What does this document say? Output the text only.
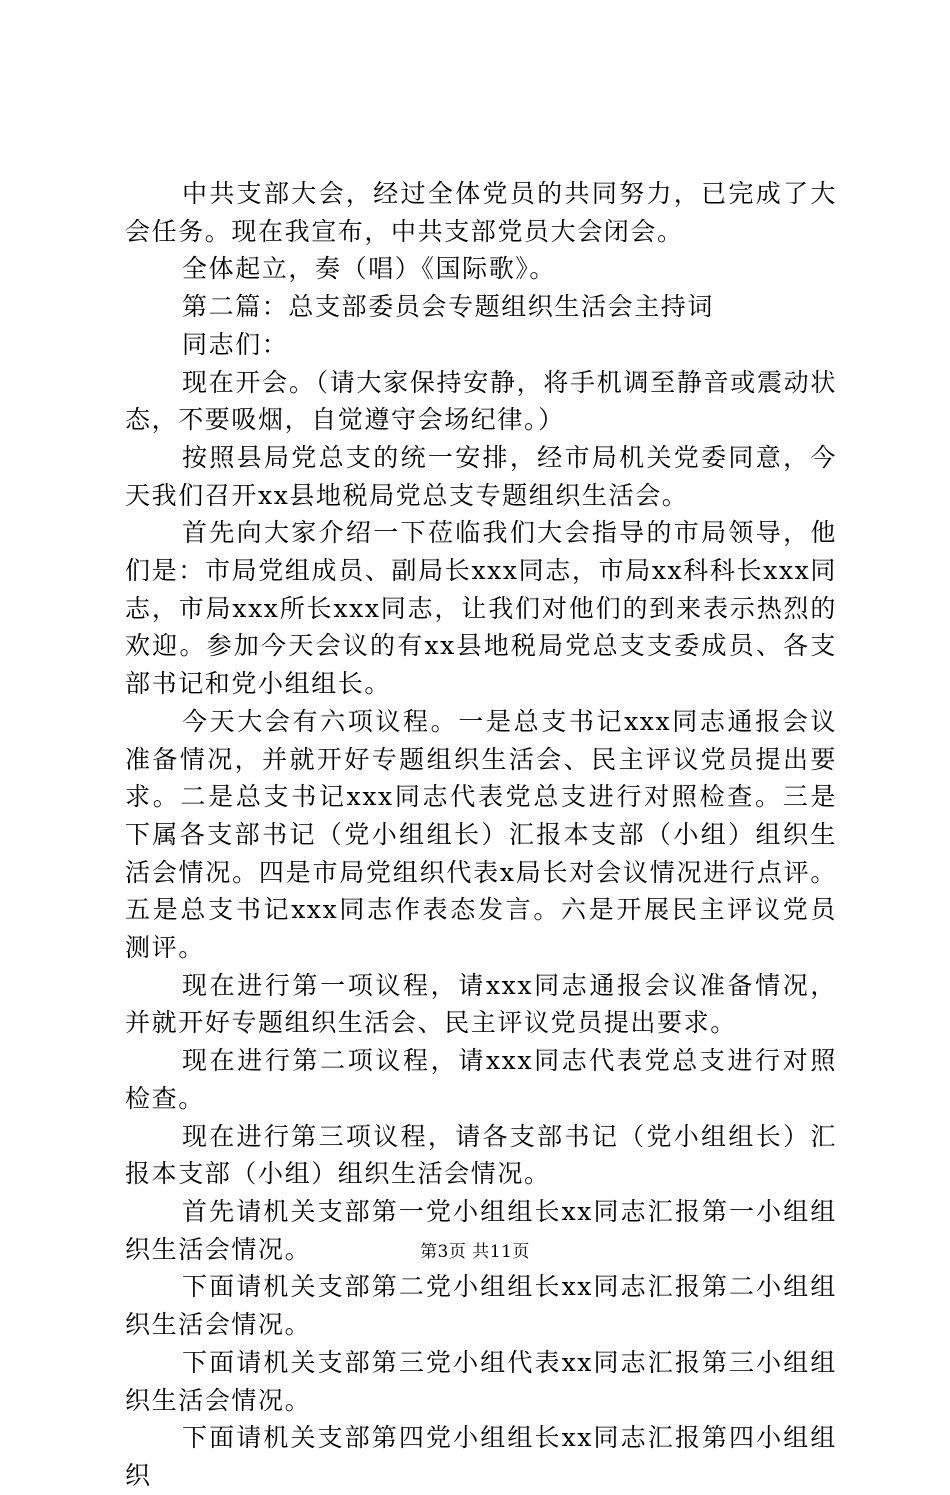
中共支部大会，经过全体党员的共同努力，已完成了大会任务。现在我宣布，中共支部党员大会闭会。

全体起立，奏（唱）《国际歌》。

第二篇：总支部委员会专题组织生活会主持词

同志们：

现在开会。（请大家保持安静，将手机调至静音或震动状态，不要吸烟，自觉遵守会场纪律。）

按照县局党总支的统一安排，经市局机关党委同意，今天我们召开xx县地税局党总支专题组织生活会。

首先向大家介绍一下莅临我们大会指导的市局领导，他们是：市局党组成员、副局长xxx同志，市局xx科科长xxx同志，市局xxx所长xxx同志，让我们对他们的到来表示热烈的欢迎。参加今天会议的有xx县地税局党总支支委成员、各支部书记和党小组组长。

今天大会有六项议程。一是总支书记xxx同志通报会议准备情况，并就开好专题组织生活会、民主评议党员提出要求。二是总支书记xxx同志代表党总支进行对照检查。三是下属各支部书记（党小组组长）汇报本支部（小组）组织生活会情况。四是市局党组织代表x局长对会议情况进行点评。五是总支书记xxx同志作表态发言。六是开展民主评议党员测评。

现在进行第一项议程，请xxx同志通报会议准备情况，并就开好专题组织生活会、民主评议党员提出要求。

现在进行第二项议程，请xxx同志代表党总支进行对照检查。

现在进行第三项议程，请各支部书记（党小组组长）汇报本支部（小组）组织生活会情况。

首先请机关支部第一党小组组长xx同志汇报第一小组组织生活会情况。

下面请机关支部第二党小组组长xx同志汇报第二小组组织生活会情况。

下面请机关支部第三党小组代表xx同志汇报第三小组组织生活会情况。

下面请机关支部第四党小组组长xx同志汇报第四小组组织

第3页 共11页
